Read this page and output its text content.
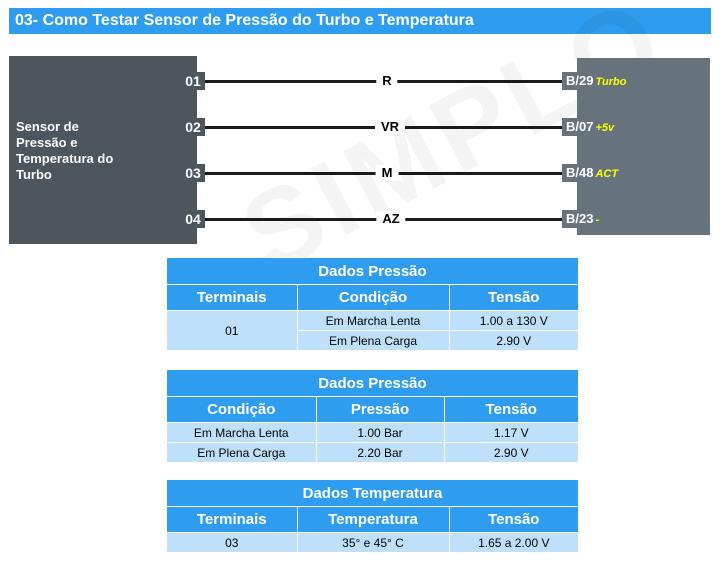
03- Como Testar Sensor de Pressão do Turbo e Temperatura
Sensor de Pressão e Temperatura do Turbo
01	R	B/29 Turbo
02	VR	B/07 +5v
03	M	B/48 ACT
04	AZ	B/23 -
Dados Pressão		
Terminais	Condição	Tensão
01	Em Marcha Lenta	1.00 a 130 V
	Em Plena Carga	2.90 V
Dados Pressão		
Condição	Pressão	Tensão
Em Marcha Lenta	1.00 Bar	1.17 V
Em Plena Carga	2.20 Bar	2.90 V
Dados Temperatura		
Terminais	Temperatura	Tensão
03	35° e 45° C	1.65 a 2.00 V
